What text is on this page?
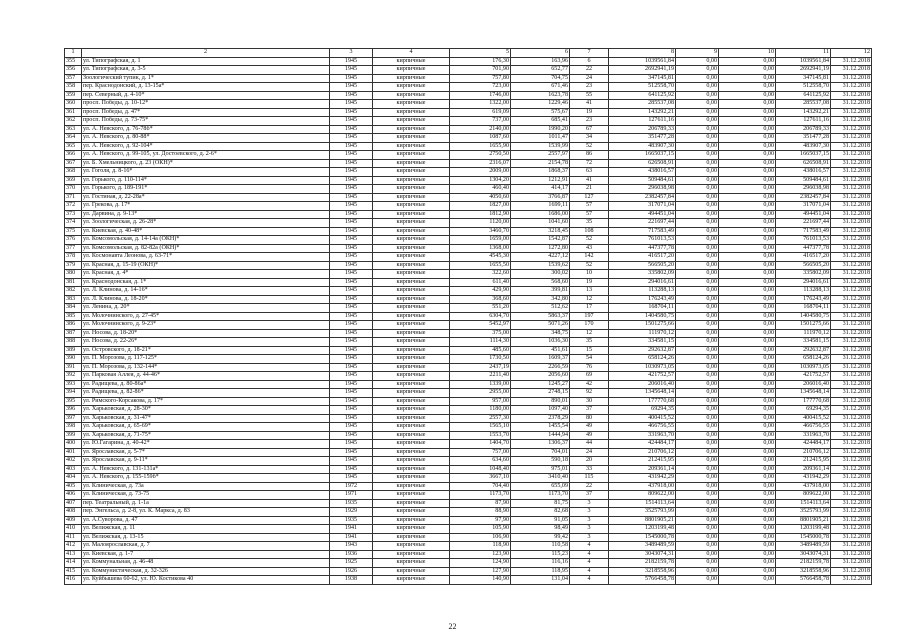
1	2	3	4	5	6	7	8	9	10	11	12
355	ул. Типографская, д. 1	1945	кирпичные	176,30	163,96	6	1039561,84	0,00	0,00	1039561,84	31.12.2018
356	ул. Типографская, д. 3-5	1945	кирпичные	701,90	652,77	22	2692941,19	0,00	0,00	2692941,19	31.12.2018
357	Зоологический тупик, д. 1*	1945	кирпичные	757,80	704,75	24	347145,81	0,00	0,00	347145,81	31.12.2018
358	пер. Краснодонский, д. 13-15а*	1945	кирпичные	723,00	671,46	23	512558,70	0,00	0,00	512558,70	31.12.2018
359	пер. Северный, д. 4-10*	1945	кирпичные	1746,00	1623,78	55	641125,92	0,00	0,00	641125,92	31.12.2018
360	просп. Победы, д. 10-12*	1945	кирпичные	1322,00	1229,46	41	285537,08	0,00	0,00	285537,08	31.12.2018
361	просп. Победы, д. 47*	1945	кирпичные	619,09	575,67	19	143292,21	0,00	0,00	143292,21	31.12.2018
362	просп. Победы, д. 73-75*	1945	кирпичные	737,00	685,41	23	127611,16	0,00	0,00	127611,16	31.12.2018
363	ул. А. Невского, д. 76-78б*	1945	кирпичные	2140,00	1990,20	67	206789,33	0,00	0,00	206789,33	31.12.2018
364	ул. А. Невского, д. 80-88*	1945	кирпичные	1087,60	1011,47	34	351477,28	0,00	0,00	351477,28	31.12.2018
365	ул. А. Невского, д. 92-104*	1945	кирпичные	1655,90	1539,99	52	483907,30	0,00	0,00	483907,30	31.12.2018
366	ул. А. Невского, д. 99-105, ул. Достоевского, д. 2-6*	1945	кирпичные	2750,50	2557,97	86	1665037,15	0,00	0,00	1665037,15	31.12.2018
367	ул. Б. Хмельницкого, д. 23 (ОКН)*	1945	кирпичные	2316,07	2154,78	72	626508,91	0,00	0,00	626508,91	31.12.2018
368	ул. Гоголя, д. 8-16*	1945	кирпичные	2009,00	1868,37	63	438016,57	0,00	0,00	438016,57	31.12.2018
369	ул. Горького, д. 110-114*	1945	кирпичные	1304,20	1212,91	41	509484,61	0,00	0,00	509484,61	31.12.2018
370	ул. Горького, д. 189-191*	1945	кирпичные	460,40	414,17	21	296038,98	0,00	0,00	296038,98	31.12.2018
371	ул. Гостиная, д. 22-28а*	1945	кирпичные	4050,60	3766,87	127	2382457,84	0,00	0,00	2382457,84	31.12.2018
372	ул. Грекова, д. 17*	1945	кирпичные	1827,00	1699,11	57	317071,04	0,00	0,00	317071,04	31.12.2018
373	ул. Дарвина, д. 9-13*	1945	кирпичные	1812,90	1686,00	57	494451,04	0,00	0,00	494451,04	31.12.2018
374	ул. Зоологическая, д. 26-28*	1945	кирпичные	1120,00	1041,60	35	221697,44	0,00	0,00	221697,44	31.12.2018
375	ул. Киевская, д. 40-48*	1945	кирпичные	3460,70	3218,45	108	717583,49	0,00	0,00	717583,49	31.12.2018
376	ул. Комсомольская, д. 14-14а (ОКН)*	1945	кирпичные	1659,00	1542,87	52	761013,53	0,00	0,00	761013,53	31.12.2018
377	ул. Комсомольская, д. 82-82а (ОКН)*	1945	кирпичные	1368,00	1272,80	43	447377,78	0,00	0,00	447377,78	31.12.2018
378	ул. Космонавта Леонова, д. 63-71*	1945	кирпичные	4545,30	4227,12	142	416517,20	0,00	0,00	416517,20	31.12.2018
379	ул. Красная, д. 15-19 (ОКН)*	1945	кирпичные	1655,50	1539,62	52	566505,20	0,00	0,00	566505,20	31.12.2018
380	ул. Красная, д. 4*	1945	кирпичные	322,60	300,02	10	335802,09	0,00	0,00	335802,09	31.12.2018
381	ул. Краснодонская, д. 1*	1945	кирпичные	611,40	568,60	19	294016,61	0,00	0,00	294016,61	31.12.2018
382	ул. Л. Клинова, д. 14-16*	1945	кирпичные	429,90	399,81	13	113288,13	0,00	0,00	113288,13	31.12.2018
383	ул. Л. Клинова, д. 18-20*	1945	кирпичные	368,60	342,80	12	176243,49	0,00	0,00	176243,49	31.12.2018
384	ул. Ленина, д. 20*	1945	кирпичные	551,20	512,62	17	168704,11	0,00	0,00	168704,11	31.12.2018
385	ул. Молочнинского, д. 27-45*	1945	кирпичные	6304,70	5863,37	197	1404580,75	0,00	0,00	1404580,75	31.12.2018
386	ул. Молочнинского, д. 9-23*	1945	кирпичные	5452,97	5071,26	170	1501275,66	0,00	0,00	1501275,66	31.12.2018
387	ул. Носова, д. 18-20*	1945	кирпичные	375,00	348,75	12	111970,12	0,00	0,00	111970,12	31.12.2018
388	ул. Носова, д. 22-26*	1945	кирпичные	1114,30	1036,30	35	334581,15	0,00	0,00	334581,15	31.12.2018
389	ул. Островского, д. 18-21*	1945	кирпичные	485,60	451,61	15	292632,87	0,00	0,00	292632,87	31.12.2018
390	ул. П. Морозова, д. 117-125*	1945	кирпичные	1730,50	1609,37	54	658124,26	0,00	0,00	658124,26	31.12.2018
391	ул. П. Морозова, д. 132-144*	1945	кирпичные	2437,19	2266,59	76	1030973,05	0,00	0,00	1030973,05	31.12.2018
392	ул. Парковая Аллея, д. 44-46*	1945	кирпичные	2211,40	2056,60	69	421752,57	0,00	0,00	421752,57	31.12.2018
393	ул. Радищева, д. 80-86а*	1945	кирпичные	1339,00	1245,27	42	206016,40	0,00	0,00	206016,40	31.12.2018
394	ул. Радищева, д. 82-86*	1945	кирпичные	2955,00	2748,15	92	1345648,14	0,00	0,00	1345648,14	31.12.2018
395	ул. Римского-Корсакова, д. 17*	1945	кирпичные	957,00	890,01	30	177770,68	0,00	0,00	177770,68	31.12.2018
396	ул. Харьковская, д. 28-30*	1945	кирпичные	1180,00	1097,40	37	69294,35	0,00	0,00	69294,35	31.12.2018
397	ул. Харьковская, д. 31-47*	1945	кирпичные	2557,30	2378,29	80	400415,52	0,00	0,00	400415,52	31.12.2018
398	ул. Харьковская, д. 65-69*	1945	кирпичные	1565,10	1455,54	49	466756,55	0,00	0,00	466756,55	31.12.2018
399	ул. Харьковская, д. 71-75*	1945	кирпичные	1553,70	1444,94	49	331963,70	0,00	0,00	331963,70	31.12.2018
400	ул. Ю.Гагарина, д. 40-42*	1945	кирпичные	1404,70	1306,37	44	424484,17	0,00	0,00	424484,17	31.12.2018
401	ул. Ярославская, д. 5-7*	1945	кирпичные	757,00	704,01	24	210706,12	0,00	0,00	210706,12	31.12.2018
402	ул. Ярославская, д. 9-11*	1945	кирпичные	634,60	590,18	20	212415,95	0,00	0,00	212415,95	31.12.2018
403	ул. А. Невского, д. 131-131а*	1945	кирпичные	1048,40	975,01	33	209361,14	0,00	0,00	209361,14	31.12.2018
404	ул. А. Невского, д. 155-159б*	1945	кирпичные	3667,10	3410,40	115	431942,29	0,00	0,00	431942,29	31.12.2018
405	ул. Клиническая, д. 73а	1972	кирпичные	704,40	655,09	22	437918,00	0,00	0,00	437918,00	31.12.2018
406	ул. Клиническая, д. 73-75	1971	кирпичные	1173,70	1173,70	37	809622,00	0,00	0,00	809622,00	31.12.2018
407	пер. Театральный, д. 1-1а	1935	кирпичные	87,90	81,75	3	1514113,64	0,00	0,00	1514113,64	31.12.2018
408	пер. Энгельса, д. 2-8, ул. К. Маркса, д. 83	1929	кирпичные	88,90	82,68	3	3525793,99	0,00	0,00	3525793,99	31.12.2018
409	ул. А.Суворова, д. 47	1935	кирпичные	97,90	91,05	3	8801905,21	0,00	0,00	8801905,21	31.12.2018
410	ул. Велижская, д. 11	1941	кирпичные	105,90	98,49	3	1203199,48	0,00	0,00	1203199,48	31.12.2018
411	ул. Велижская, д. 13-15	1941	кирпичные	106,90	99,42	3	1545000,78	0,00	0,00	1545000,78	31.12.2018
412	ул. Малоярославская, д. 7	1943	кирпичные	118,90	110,58	4	3489489,59	0,00	0,00	3489489,59	31.12.2018
413	ул. Киевская, д. 1-7	1936	кирпичные	123,90	115,23	4	3043074,31	0,00	0,00	3043074,31	31.12.2018
414	ул. Коммунальная, д. 46-48	1925	кирпичные	124,90	116,16	4	2182159,78	0,00	0,00	2182159,78	31.12.2018
415	ул. Коммунистическая, д. 32-326	1926	кирпичные	127,90	118,95	4	3218558,96	0,00	0,00	3218558,96	31.12.2018
416	ул. Куйбышева 60-62, ул. Ю. Костикова 40	1938	кирпичные	140,90	131,04	4	5766458,78	0,00	0,00	5766458,78	31.12.2018
22
